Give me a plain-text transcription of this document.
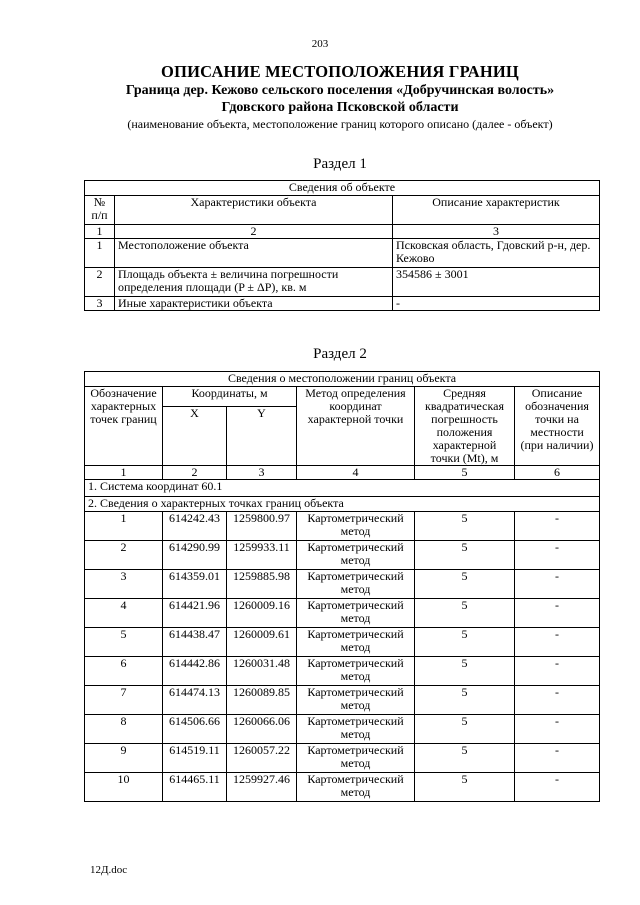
203
ОПИСАНИЕ МЕСТОПОЛОЖЕНИЯ ГРАНИЦ
Граница дер. Кежово сельского поселения «Добручинская волость»
Гдовского района Псковской области
(наименование объекта, местоположение границ которого описано (далее - объект)
Раздел 1
Сведения об объекте		
№ п/п	Характеристики объекта	Описание характеристик
1	2	3
1	Местоположение объекта	Псковская область, Гдовский р-н, дер. Кежово
2	Площадь объекта ± величина погрешности определения площади (P ± ΔP), кв. м	354586 ± 3001
3	Иные характеристики объекта	-
Раздел 2
Сведения о местоположении границ объекта					
Обозначение характерных точек границ	Координаты, м		Метод определения координат характерной точки	Средняя квадратическая погрешность положения характерной точки (Mt), м	Описание обозначения точки на местности (при наличии)
	X	Y			
1	2	3	4	5	6
1. Система координат 60.1					
2. Сведения о характерных точках границ объекта					
1	614242.43	1259800.97	Картометрический метод	5	-
2	614290.99	1259933.11	Картометрический метод	5	-
3	614359.01	1259885.98	Картометрический метод	5	-
4	614421.96	1260009.16	Картометрический метод	5	-
5	614438.47	1260009.61	Картометрический метод	5	-
6	614442.86	1260031.48	Картометрический метод	5	-
7	614474.13	1260089.85	Картометрический метод	5	-
8	614506.66	1260066.06	Картометрический метод	5	-
9	614519.11	1260057.22	Картометрический метод	5	-
10	614465.11	1259927.46	Картометрический метод	5	-
12Д.doc
